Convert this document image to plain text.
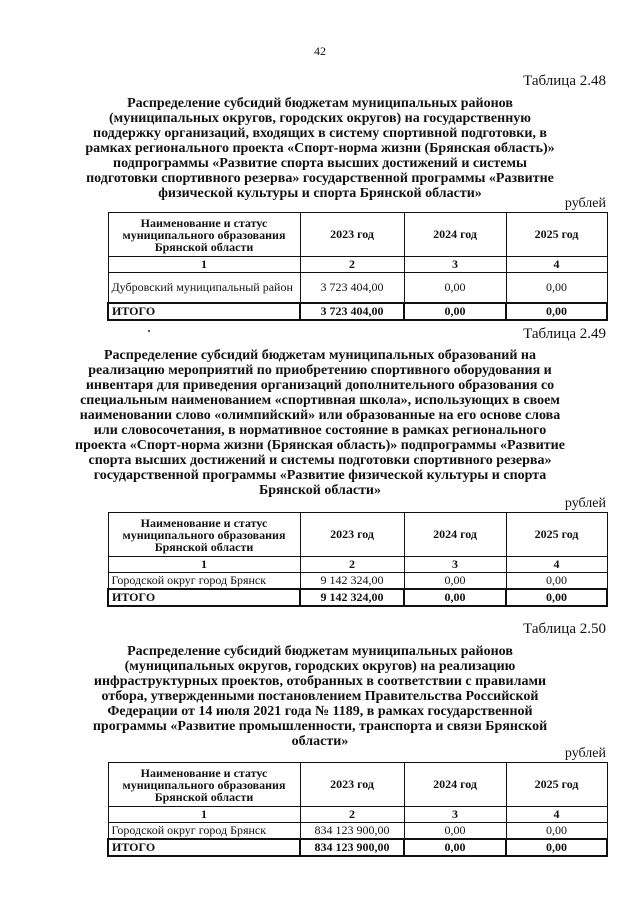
42
Таблица 2.48
Распределение субсидий бюджетам муниципальных районов (муниципальных округов, городских округов) на государственную поддержку организаций, входящих в систему спортивной подготовки, в рамках регионального проекта «Спорт-норма жизни (Брянская область)» подпрограммы «Развитие спорта высших достижений и системы подготовки спортивного резерва» государственной программы «Развитне физической культуры и спорта Брянской области»
рублей
Наименование и статус муниципального образования Брянской области	2023 год	2024 год	2025 год
1	2	3	4
Дубровский муниципальный район	3 723 404,00	0,00	0,00
ИТОГО	3 723 404,00	0,00	0,00
Таблица 2.49
Распределение субсидий бюджетам муниципальных образований на реализацию мероприятий по приобретению спортивного оборудования и инвентаря для приведения организаций дополнительного образования со специальным наименованием «спортивная школа», использующих в своем наименовании слово «олимпийский» или образованные на его основе слова или словосочетания, в нормативное состояние в рамках регионального проекта «Спорт-норма жизни (Брянская область)» подпрограммы «Развитие спорта высших достижений и системы подготовки спортивного резерва» государственной программы «Развитие физической культуры и спорта Брянской области»
рублей
Наименование и статус муниципального образования Брянской области	2023 год	2024 год	2025 год
1	2	3	4
Городской округ город Брянск	9 142 324,00	0,00	0,00
ИТОГО	9 142 324,00	0,00	0,00
Таблица 2.50
Распределение субсидий бюджетам муниципальных районов (муниципальных округов, городских округов) на реализацию инфраструктурных проектов, отобранных в соответствии с правилами отбора, утвержденными постановлением Правительства Российской Федерации от 14 июля 2021 года № 1189, в рамках государственной программы «Развитие промышленности, транспорта и связи Брянской области»
рублей
Наименование и статус муниципального образования Брянской области	2023 год	2024 год	2025 год
1	2	3	4
Городской округ город Брянск	834 123 900,00	0,00	0,00
ИТОГО	834 123 900,00	0,00	0,00
